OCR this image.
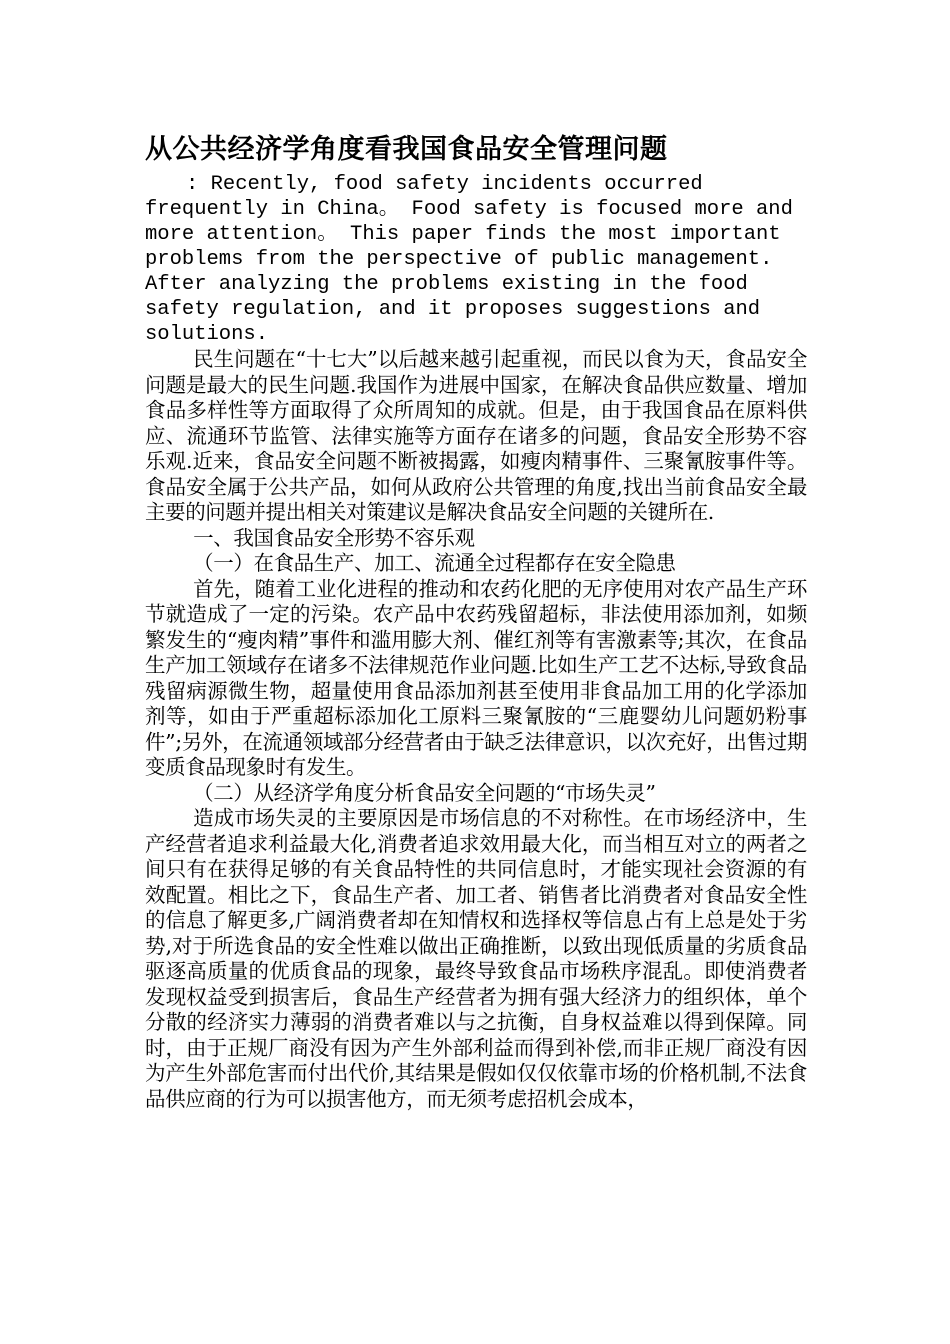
从公共经济学角度看我国食品安全管理问题

: Recently, food safety incidents occurred frequently in China。 Food safety is focused more and more attention。 This paper finds the most important problems from the perspective of public management. After analyzing the problems existing in the food safety regulation, and it proposes suggestions and solutions.

民生问题在“十七大”以后越来越引起重视，而民以食为天，食品安全问题是最大的民生问题.我国作为进展中国家，在解决食品供应数量、增加食品多样性等方面取得了众所周知的成就。但是，由于我国食品在原料供应、流通环节监管、法律实施等方面存在诸多的问题，食品安全形势不容乐观.近来，食品安全问题不断被揭露，如瘦肉精事件、三聚氰胺事件等。食品安全属于公共产品，如何从政府公共管理的角度,找出当前食品安全最主要的问题并提出相关对策建议是解决食品安全问题的关键所在.

一、我国食品安全形势不容乐观

（一）在食品生产、加工、流通全过程都存在安全隐患

首先，随着工业化进程的推动和农药化肥的无序使用对农产品生产环节就造成了一定的污染。农产品中农药残留超标，非法使用添加剂，如频繁发生的“瘦肉精”事件和滥用膨大剂、催红剂等有害激素等;其次，在食品生产加工领域存在诸多不法律规范作业问题.比如生产工艺不达标,导致食品残留病源微生物，超量使用食品添加剂甚至使用非食品加工用的化学添加剂等，如由于严重超标添加化工原料三聚氰胺的“三鹿婴幼儿问题奶粉事件”;另外，在流通领域部分经营者由于缺乏法律意识，以次充好，出售过期变质食品现象时有发生。

（二）从经济学角度分析食品安全问题的“市场失灵”

造成市场失灵的主要原因是市场信息的不对称性。在市场经济中，生产经营者追求利益最大化,消费者追求效用最大化，而当相互对立的两者之间只有在获得足够的有关食品特性的共同信息时，才能实现社会资源的有效配置。相比之下，食品生产者、加工者、销售者比消费者对食品安全性的信息了解更多,广阔消费者却在知情权和选择权等信息占有上总是处于劣势,对于所选食品的安全性难以做出正确推断，以致出现低质量的劣质食品驱逐高质量的优质食品的现象，最终导致食品市场秩序混乱。即使消费者发现权益受到损害后，食品生产经营者为拥有强大经济力的组织体，单个分散的经济实力薄弱的消费者难以与之抗衡，自身权益难以得到保障。同时，由于正规厂商没有因为产生外部利益而得到补偿,而非正规厂商没有因为产生外部危害而付出代价,其结果是假如仅仅依靠市场的价格机制,不法食品供应商的行为可以损害他方，而无须考虑招机会成本，
